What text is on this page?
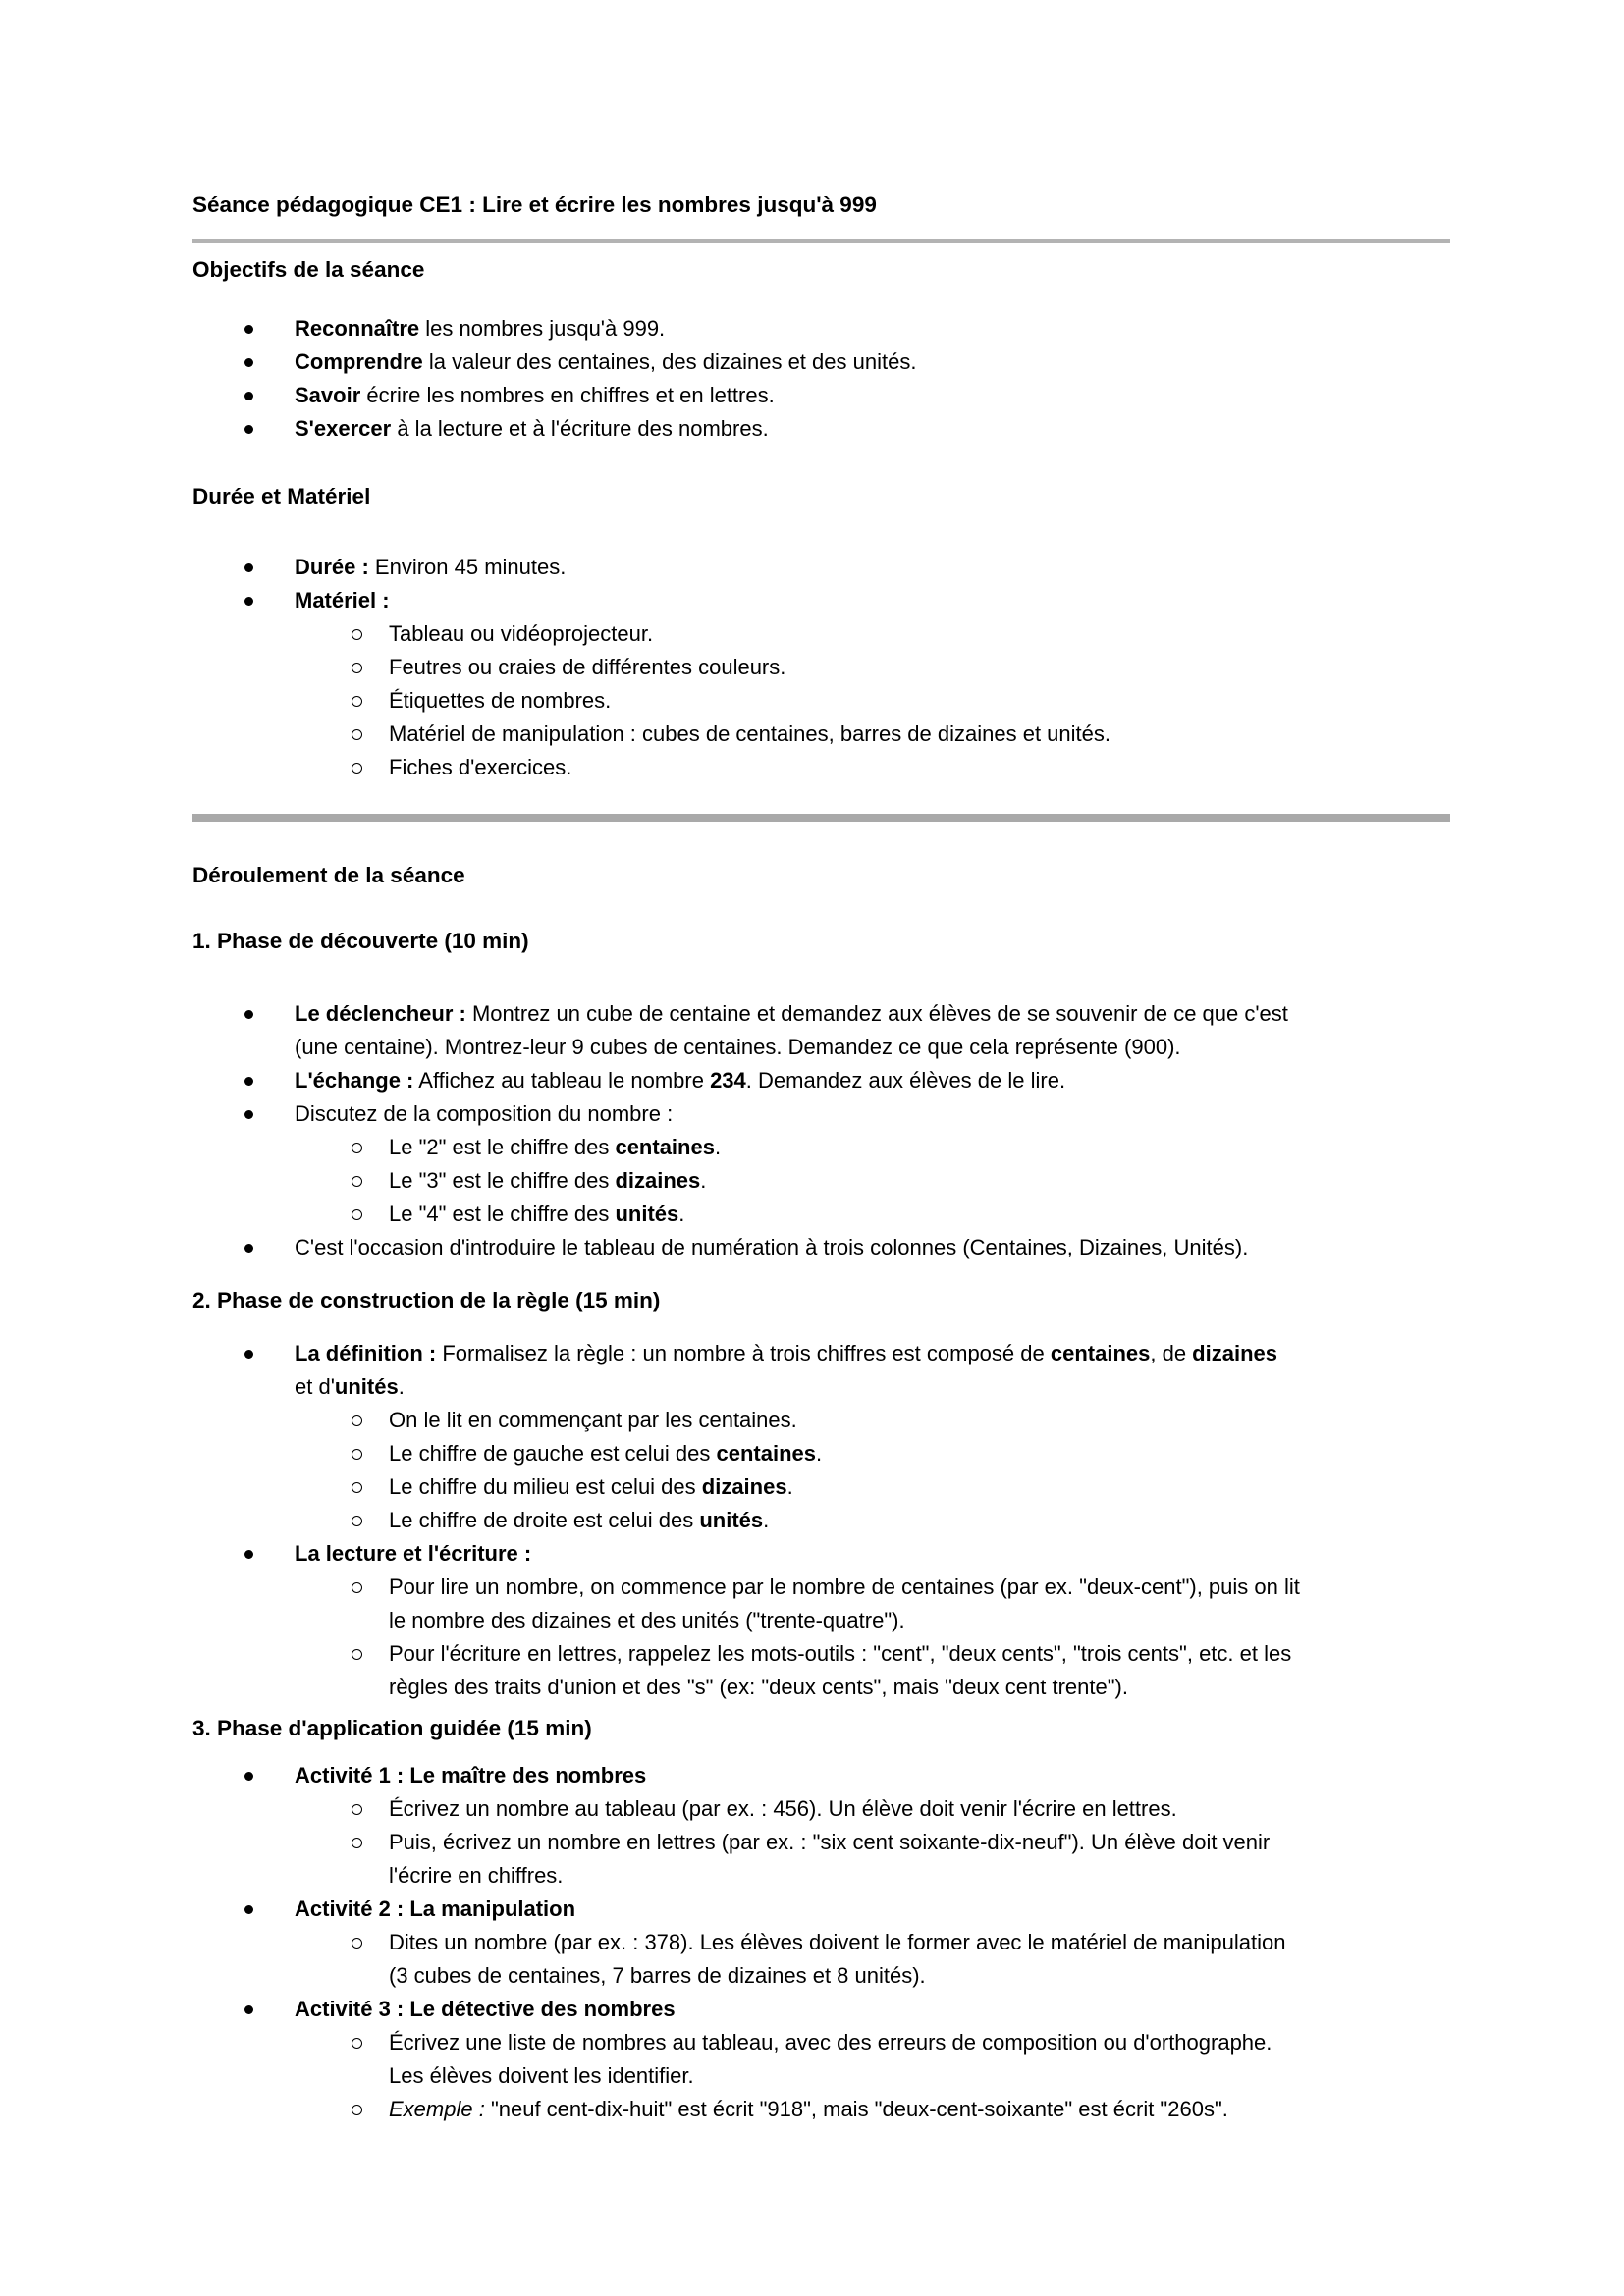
Séance pédagogique CE1 : Lire et écrire les nombres jusqu'à 999
Objectifs de la séance
Reconnaître les nombres jusqu'à 999.
Comprendre la valeur des centaines, des dizaines et des unités.
Savoir écrire les nombres en chiffres et en lettres.
S'exercer à la lecture et à l'écriture des nombres.
Durée et Matériel
Durée : Environ 45 minutes.
Matériel :
Tableau ou vidéoprojecteur.
Feutres ou craies de différentes couleurs.
Étiquettes de nombres.
Matériel de manipulation : cubes de centaines, barres de dizaines et unités.
Fiches d'exercices.
Déroulement de la séance
1. Phase de découverte (10 min)
Le déclencheur : Montrez un cube de centaine et demandez aux élèves de se souvenir de ce que c'est
(une centaine). Montrez-leur 9 cubes de centaines. Demandez ce que cela représente (900).
L'échange : Affichez au tableau le nombre 234. Demandez aux élèves de le lire.
Discutez de la composition du nombre :
Le "2" est le chiffre des centaines.
Le "3" est le chiffre des dizaines.
Le "4" est le chiffre des unités.
C'est l'occasion d'introduire le tableau de numération à trois colonnes (Centaines, Dizaines, Unités).
2. Phase de construction de la règle (15 min)
La définition : Formalisez la règle : un nombre à trois chiffres est composé de centaines, de dizaines
et d'unités.
On le lit en commençant par les centaines.
Le chiffre de gauche est celui des centaines.
Le chiffre du milieu est celui des dizaines.
Le chiffre de droite est celui des unités.
La lecture et l'écriture :
Pour lire un nombre, on commence par le nombre de centaines (par ex. "deux-cent"), puis on lit
le nombre des dizaines et des unités ("trente-quatre").
Pour l'écriture en lettres, rappelez les mots-outils : "cent", "deux cents", "trois cents", etc. et les
règles des traits d'union et des "s" (ex: "deux cents", mais "deux cent trente").
3. Phase d'application guidée (15 min)
Activité 1 : Le maître des nombres
Écrivez un nombre au tableau (par ex. : 456). Un élève doit venir l'écrire en lettres.
Puis, écrivez un nombre en lettres (par ex. : "six cent soixante-dix-neuf"). Un élève doit venir
l'écrire en chiffres.
Activité 2 : La manipulation
Dites un nombre (par ex. : 378). Les élèves doivent le former avec le matériel de manipulation
(3 cubes de centaines, 7 barres de dizaines et 8 unités).
Activité 3 : Le détective des nombres
Écrivez une liste de nombres au tableau, avec des erreurs de composition ou d'orthographe.
Les élèves doivent les identifier.
Exemple : "neuf cent-dix-huit" est écrit "918", mais "deux-cent-soixante" est écrit "260s".
